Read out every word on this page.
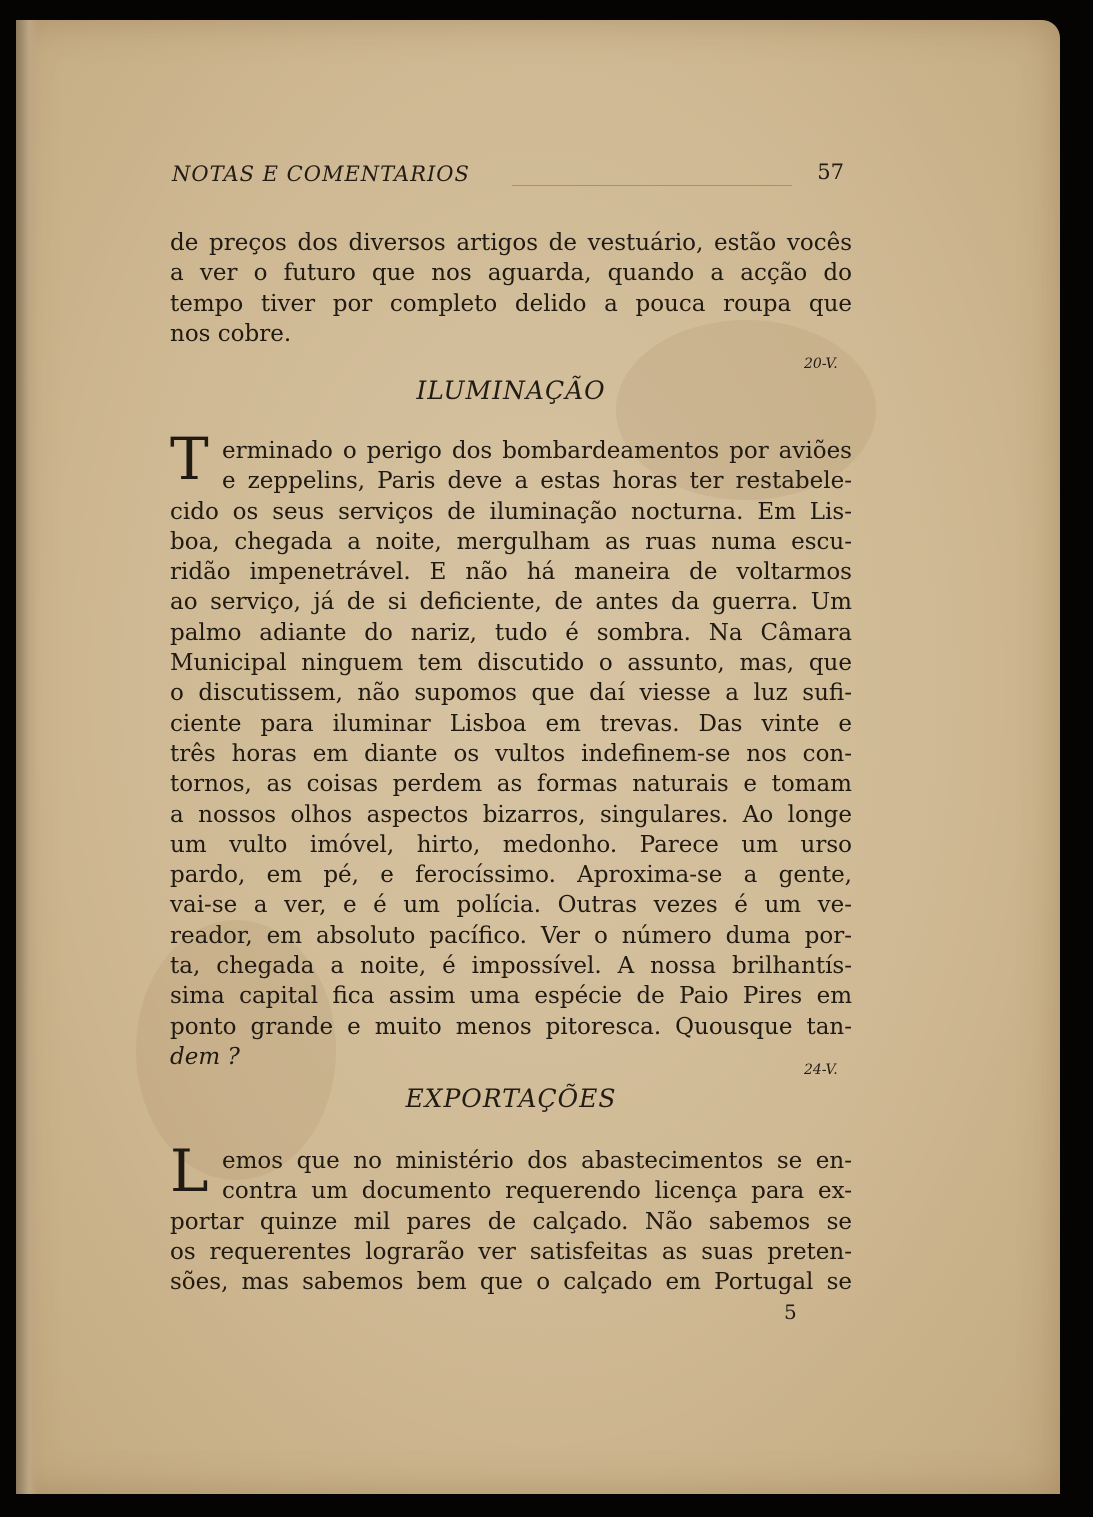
NOTAS E COMENTARIOS	57
de preços dos diversos artigos de vestuário, estão vocês
a ver o futuro que nos aguarda, quando a acção do
tempo tiver por completo delido a pouca roupa que
nos cobre.
20-V.
ILUMINAÇÃO
T erminado o perigo dos bombardeamentos por aviões
e zeppelins, Paris deve a estas horas ter restabele-
cido os seus serviços de iluminação nocturna. Em Lis-
boa, chegada a noite, mergulham as ruas numa escu-
ridão impenetrável. E não há maneira de voltarmos
ao serviço, já de si deficiente, de antes da guerra. Um
palmo adiante do nariz, tudo é sombra. Na Câmara
Municipal ninguem tem discutido o assunto, mas, que
o discutissem, não supomos que daí viesse a luz sufi-
ciente para iluminar Lisboa em trevas. Das vinte e
três horas em diante os vultos indefinem-se nos con-
tornos, as coisas perdem as formas naturais e tomam
a nossos olhos aspectos bizarros, singulares. Ao longe
um vulto imóvel, hirto, medonho. Parece um urso
pardo, em pé, e ferocíssimo. Aproxima-se a gente,
vai-se a ver, e é um polícia. Outras vezes é um ve-
reador, em absoluto pacífico. Ver o número duma por-
ta, chegada a noite, é impossível. A nossa brilhantís-
sima capital fica assim uma espécie de Paio Pires em
ponto grande e muito menos pitoresca. Quousque tan-
dem ?
24-V.
EXPORTAÇÕES
L emos que no ministério dos abastecimentos se en-
contra um documento requerendo licença para ex-
portar quinze mil pares de calçado. Não sabemos se
os requerentes lograrão ver satisfeitas as suas preten-
sões, mas sabemos bem que o calçado em Portugal se
5
